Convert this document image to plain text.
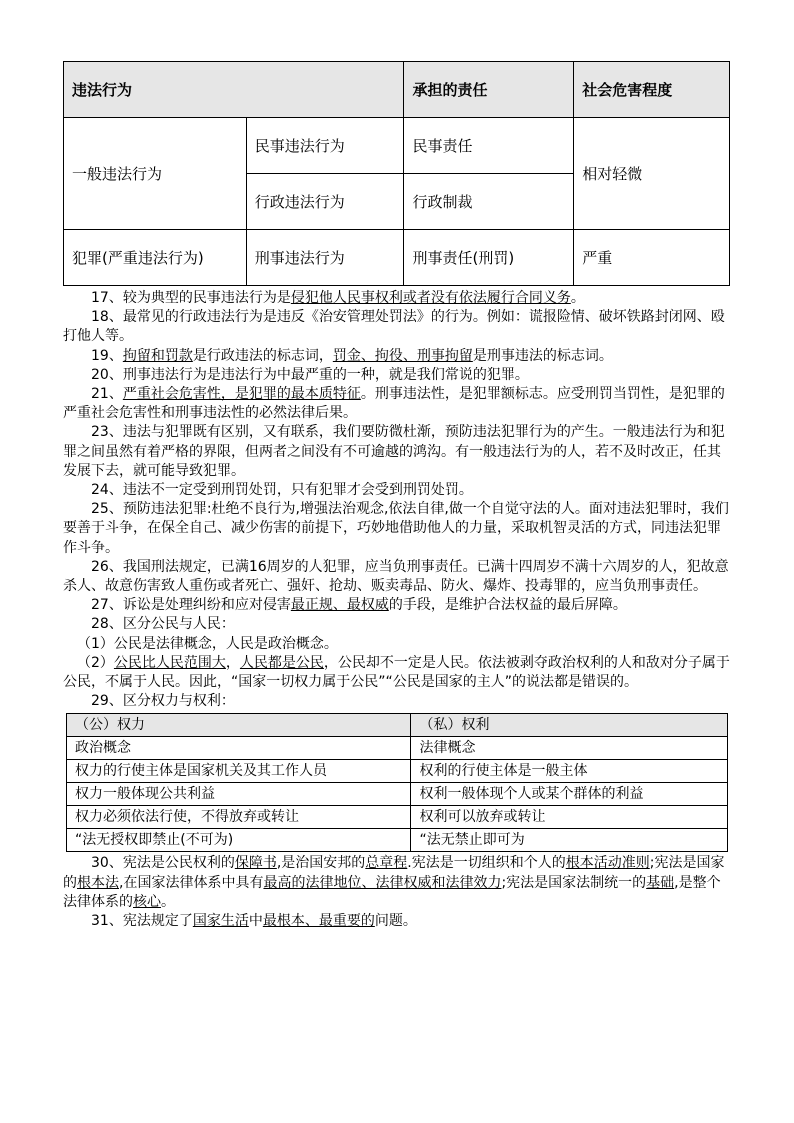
违法行为		承担的责任	社会危害程度
一般违法行为	民事违法行为	民事责任	相对轻微
	行政违法行为	行政制裁	
犯罪(严重违法行为)	刑事违法行为	刑事责任(刑罚)	严重

17、较为典型的民事违法行为是侵犯他人民事权利或者没有依法履行合同义务。

18、最常见的行政违法行为是违反《治安管理处罚法》的行为。例如：谎报险情、破坏铁路封闭网、殴打他人等。

19、拘留和罚款是行政违法的标志词，罚金、拘役、刑事拘留是刑事违法的标志词。

20、刑事违法行为是违法行为中最严重的一种，就是我们常说的犯罪。

21、严重社会危害性，是犯罪的最本质特征。刑事违法性，是犯罪额标志。应受刑罚当罚性，是犯罪的严重社会危害性和刑事违法性的必然法律后果。

23、违法与犯罪既有区别，又有联系，我们要防微杜渐，预防违法犯罪行为的产生。一般违法行为和犯罪之间虽然有着严格的界限，但两者之间没有不可逾越的鸿沟。有一般违法行为的人，若不及时改正，任其发展下去，就可能导致犯罪。

24、违法不一定受到刑罚处罚，只有犯罪才会受到刑罚处罚。

25、预防违法犯罪:杜绝不良行为,增强法治观念,依法自律,做一个自觉守法的人。面对违法犯罪时，我们要善于斗争，在保全自己、减少伤害的前提下，巧妙地借助他人的力量，采取机智灵活的方式，同违法犯罪作斗争。

26、我国刑法规定，已满16周岁的人犯罪，应当负刑事责任。已满十四周岁不满十六周岁的人，犯故意杀人、故意伤害致人重伤或者死亡、强奸、抢劫、贩卖毒品、防火、爆炸、投毒罪的，应当负刑事责任。

27、诉讼是处理纠纷和应对侵害最正规、最权威的手段，是维护合法权益的最后屏障。

28、区分公民与人民：

（1）公民是法律概念，人民是政治概念。

（2）公民比人民范围大，人民都是公民，公民却不一定是人民。依法被剥夺政治权利的人和敌对分子属于公民，不属于人民。因此，“国家一切权力属于公民”“公民是国家的主人”的说法都是错误的。

29、区分权力与权利：

（公）权力	（私）权利
政治概念	法律概念
权力的行使主体是国家机关及其工作人员	权利的行使主体是一般主体
权力一般体现公共利益	权利一般体现个人或某个群体的利益
权力必须依法行使，不得放弃或转让	权利可以放弃或转让
“法无授权即禁止(不可为)	“法无禁止即可为

30、宪法是公民权利的保障书,是治国安邦的总章程.宪法是一切组织和个人的根本活动准则;宪法是国家的根本法,在国家法律体系中具有最高的法律地位、法律权威和法律效力;宪法是国家法制统一的基础,是整个法律体系的核心。

31、宪法规定了国家生活中最根本、最重要的问题。
